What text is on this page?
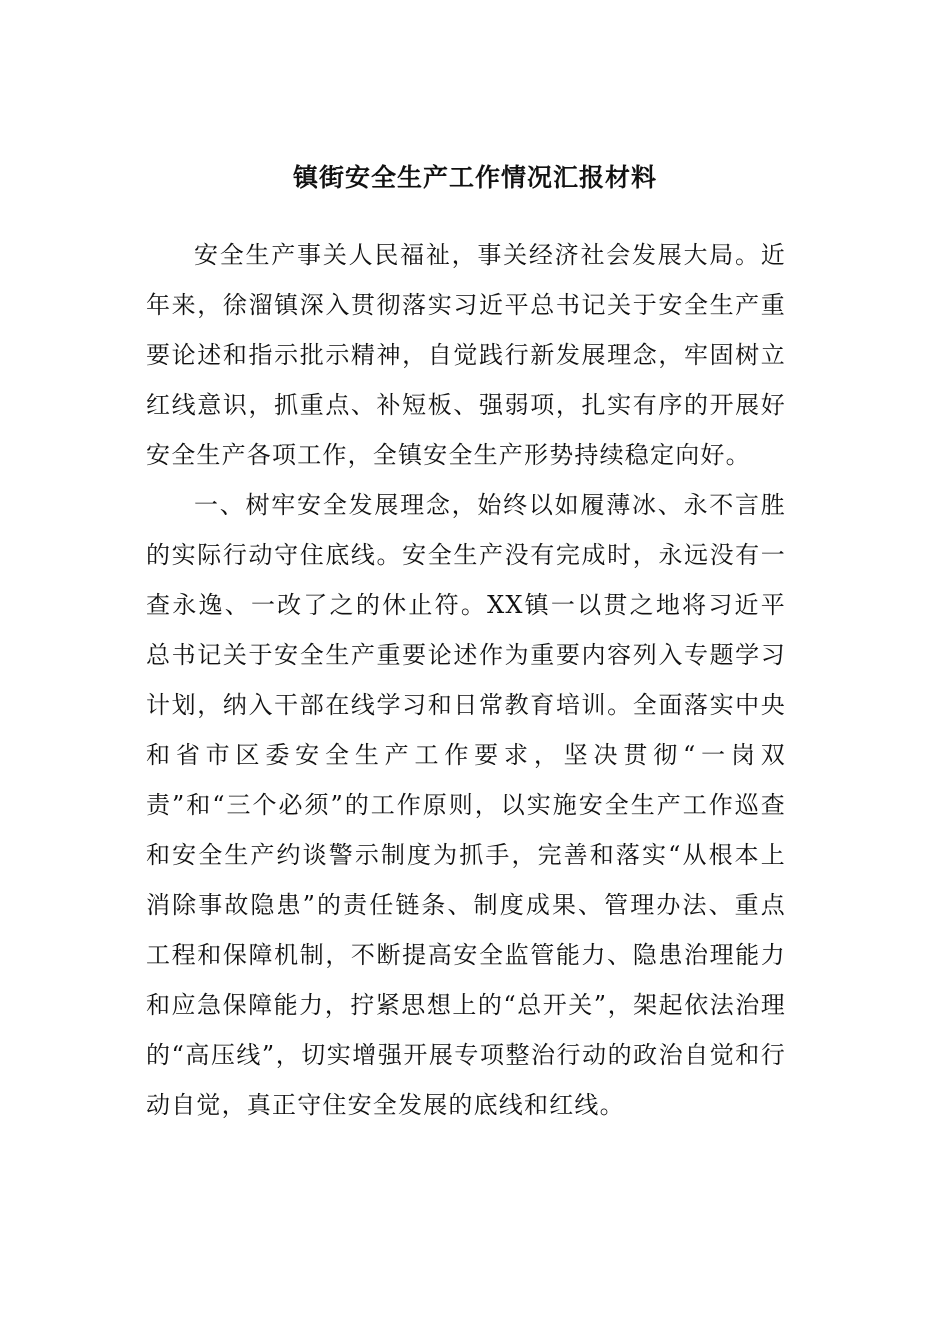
镇街安全生产工作情况汇报材料

安全生产事关人民福祉，事关经济社会发展大局。近年来，徐溜镇深入贯彻落实习近平总书记关于安全生产重要论述和指示批示精神，自觉践行新发展理念，牢固树立红线意识，抓重点、补短板、强弱项，扎实有序的开展好安全生产各项工作，全镇安全生产形势持续稳定向好。

一、树牢安全发展理念，始终以如履薄冰、永不言胜的实际行动守住底线。安全生产没有完成时，永远没有一查永逸、一改了之的休止符。XX镇一以贯之地将习近平总书记关于安全生产重要论述作为重要内容列入专题学习计划，纳入干部在线学习和日常教育培训。全面落实中央和省市区委安全生产工作要求，坚决贯彻“一岗双责”和“三个必须”的工作原则，以实施安全生产工作巡查和安全生产约谈警示制度为抓手，完善和落实“从根本上消除事故隐患”的责任链条、制度成果、管理办法、重点工程和保障机制，不断提高安全监管能力、隐患治理能力和应急保障能力，拧紧思想上的“总开关”，架起依法治理的“高压线”，切实增强开展专项整治行动的政治自觉和行动自觉，真正守住安全发展的底线和红线。
